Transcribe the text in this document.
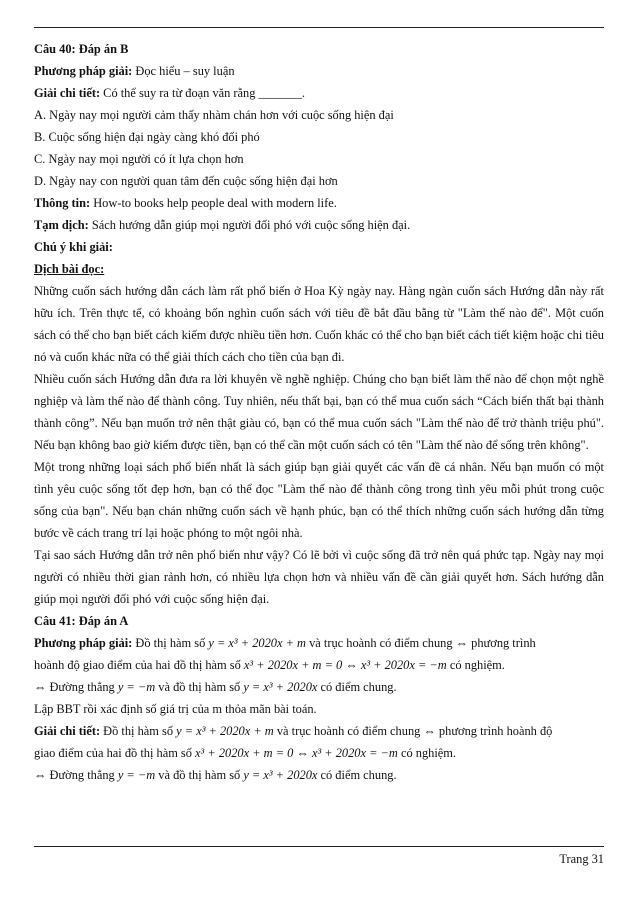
Câu 40: Đáp án B

Phương pháp giải: Đọc hiểu – suy luận

Giải chi tiết: Có thể suy ra từ đoạn văn rằng _______.

A. Ngày nay mọi người cảm thấy nhàm chán hơn với cuộc sống hiện đại

B. Cuộc sống hiện đại ngày càng khó đối phó

C. Ngày nay mọi người có ít lựa chọn hơn

D. Ngày nay con người quan tâm đến cuộc sống hiện đại hơn

Thông tin: How-to books help people deal with modern life.

Tạm dịch: Sách hướng dẫn giúp mọi người đối phó với cuộc sống hiện đại.

Chú ý khi giải:

Dịch bài đọc:

Những cuốn sách hướng dẫn cách làm rất phổ biến ở Hoa Kỳ ngày nay. Hàng ngàn cuốn sách Hướng dẫn này rất hữu ích. Trên thực tế, có khoảng bốn nghìn cuốn sách với tiêu đề bắt đầu bằng từ "Làm thế nào để". Một cuốn sách có thể cho bạn biết cách kiếm được nhiều tiền hơn. Cuốn khác có thể cho bạn biết cách tiết kiệm hoặc chi tiêu nó và cuốn khác nữa có thể giải thích cách cho tiền của bạn đi.

Nhiều cuốn sách Hướng dẫn đưa ra lời khuyên về nghề nghiệp. Chúng cho bạn biết làm thế nào để chọn một nghề nghiệp và làm thế nào để thành công. Tuy nhiên, nếu thất bại, bạn có thể mua cuốn sách “Cách biến thất bại thành thành công”. Nếu bạn muốn trở nên thật giàu có, bạn có thể mua cuốn sách "Làm thế nào để trở thành triệu phú". Nếu bạn không bao giờ kiếm được tiền, bạn có thể cần một cuốn sách có tên "Làm thế nào để sống trên không".

Một trong những loại sách phổ biến nhất là sách giúp bạn giải quyết các vấn đề cá nhân. Nếu bạn muốn có một tình yêu cuộc sống tốt đẹp hơn, bạn có thể đọc "Làm thế nào để thành công trong tình yêu mỗi phút trong cuộc sống của bạn". Nếu bạn chán những cuốn sách về hạnh phúc, bạn có thể thích những cuốn sách hướng dẫn từng bước về cách trang trí lại hoặc phóng to một ngôi nhà.

Tại sao sách Hướng dẫn trở nên phổ biến như vậy? Có lẽ bởi vì cuộc sống đã trở nên quá phức tạp. Ngày nay mọi người có nhiều thời gian rảnh hơn, có nhiều lựa chọn hơn và nhiều vấn đề cần giải quyết hơn. Sách hướng dẫn giúp mọi người đối phó với cuộc sống hiện đại.

Câu 41: Đáp án A

Phương pháp giải: Đồ thị hàm số y = x³ + 2020x + m và trục hoành có điểm chung ⇔ phương trình

hoành độ giao điểm của hai đồ thị hàm số x³ + 2020x + m = 0 ⇔ x³ + 2020x = −m có nghiệm.

⇔ Đường thẳng y = −m và đồ thị hàm số y = x³ + 2020x có điểm chung.

Lập BBT rồi xác định số giá trị của m thỏa mãn bài toán.

Giải chi tiết: Đồ thị hàm số y = x³ + 2020x + m và trục hoành có điểm chung ⇔ phương trình hoành độ

giao điểm của hai đồ thị hàm số x³ + 2020x + m = 0 ⇔ x³ + 2020x = −m có nghiệm.

⇔ Đường thẳng y = −m và đồ thị hàm số y = x³ + 2020x có điểm chung.

Trang 31
